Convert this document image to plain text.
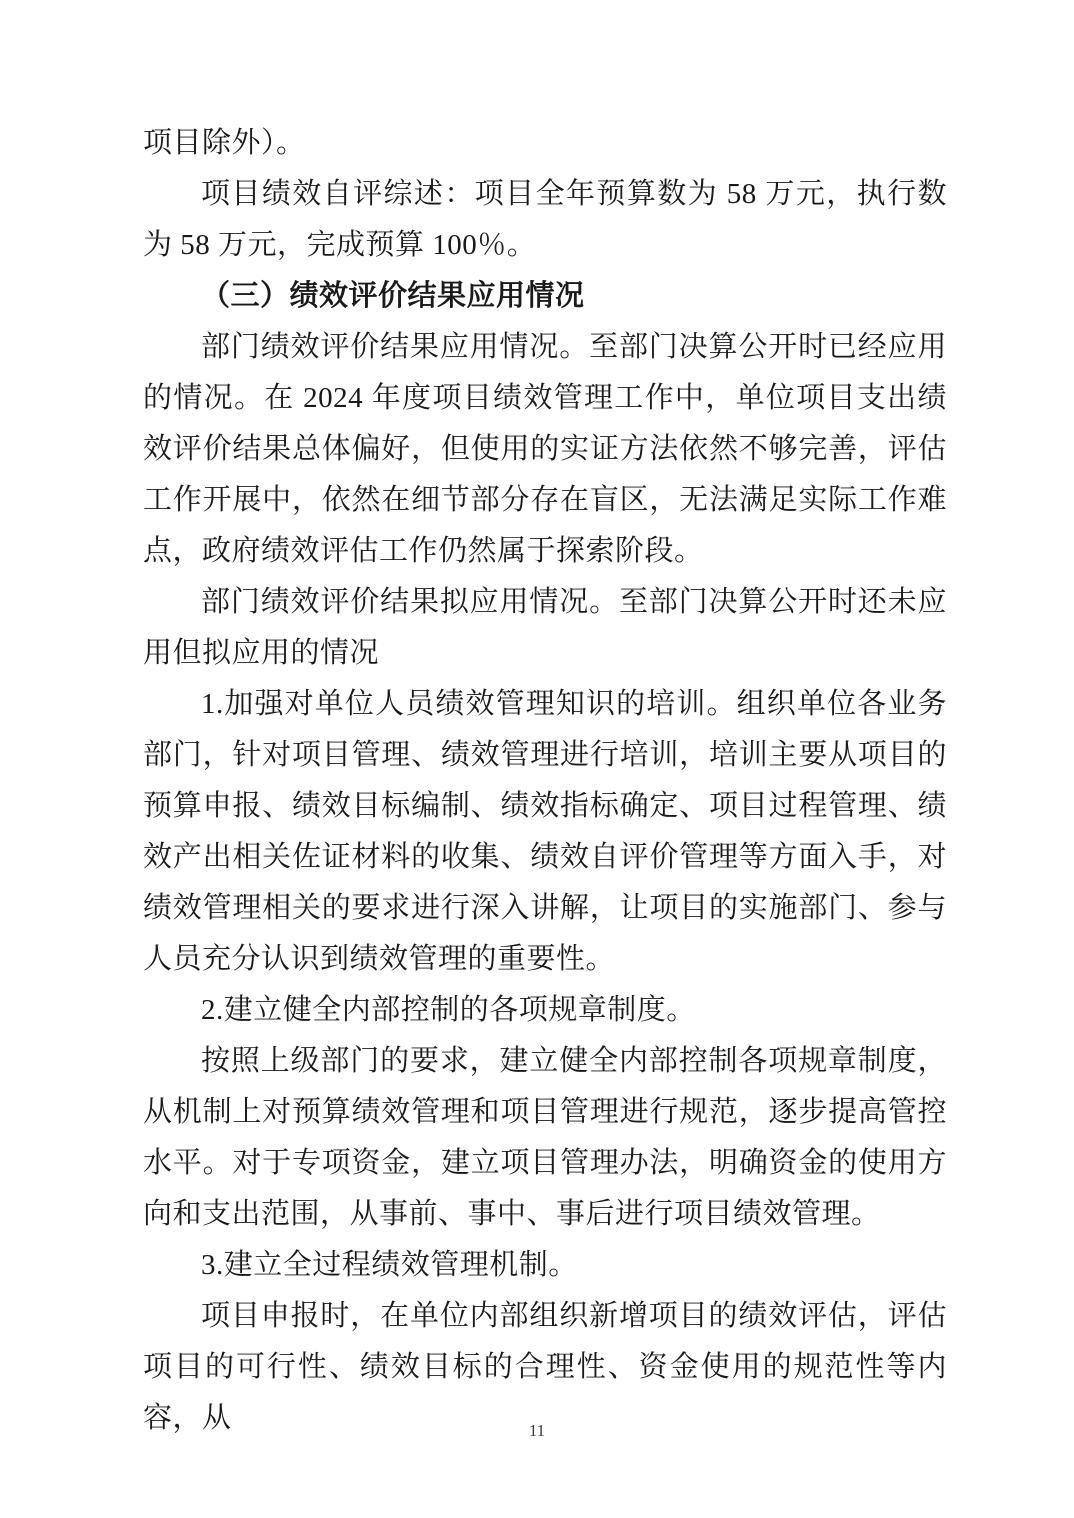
项目除外）。

项目绩效自评综述：项目全年预算数为 58 万元，执行数为 58 万元，完成预算 100％。

（三）绩效评价结果应用情况

部门绩效评价结果应用情况。至部门决算公开时已经应用的情况。在 2024 年度项目绩效管理工作中，单位项目支出绩效评价结果总体偏好，但使用的实证方法依然不够完善，评估工作开展中，依然在细节部分存在盲区，无法满足实际工作难点，政府绩效评估工作仍然属于探索阶段。

部门绩效评价结果拟应用情况。至部门决算公开时还未应用但拟应用的情况

1.加强对单位人员绩效管理知识的培训。组织单位各业务部门，针对项目管理、绩效管理进行培训，培训主要从项目的预算申报、绩效目标编制、绩效指标确定、项目过程管理、绩效产出相关佐证材料的收集、绩效自评价管理等方面入手，对绩效管理相关的要求进行深入讲解，让项目的实施部门、参与人员充分认识到绩效管理的重要性。

2.建立健全内部控制的各项规章制度。

按照上级部门的要求，建立健全内部控制各项规章制度，从机制上对预算绩效管理和项目管理进行规范，逐步提高管控水平。对于专项资金，建立项目管理办法，明确资金的使用方向和支出范围，从事前、事中、事后进行项目绩效管理。

3.建立全过程绩效管理机制。

项目申报时，在单位内部组织新增项目的绩效评估，评估项目的可行性、绩效目标的合理性、资金使用的规范性等内容，从	11
